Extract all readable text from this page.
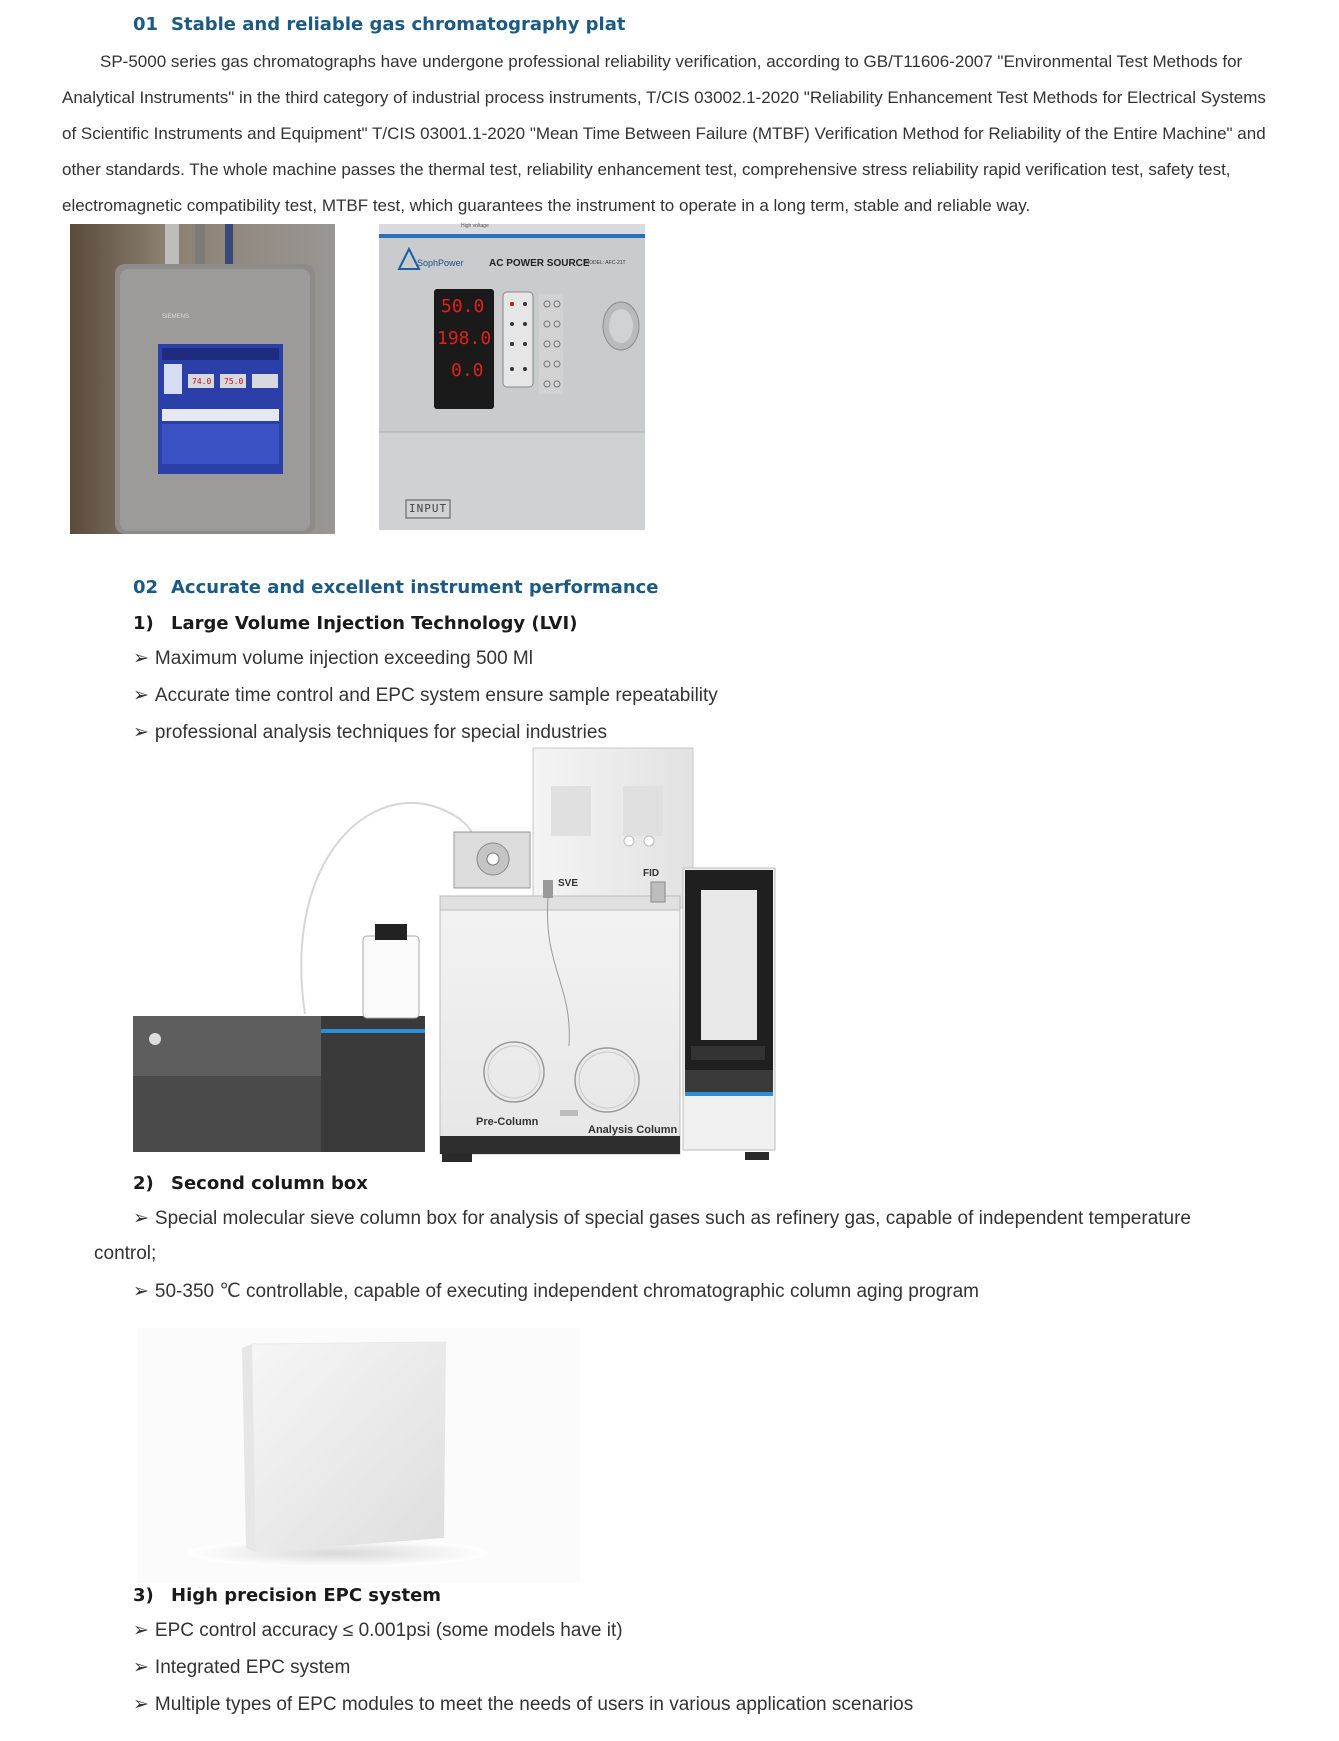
01 Stable and reliable gas chromatography plat
SP-5000 series gas chromatographs have undergone professional reliability verification, according to GB/T11606-2007 "Environmental Test Methods for
Analytical Instruments" in the third category of industrial process instruments, T/CIS 03002.1-2020 "Reliability Enhancement Test Methods for Electrical Systems
of Scientific Instruments and Equipment" T/CIS 03001.1-2020 "Mean Time Between Failure (MTBF) Verification Method for Reliability of the Entire Machine" and
other standards. The whole machine passes the thermal test, reliability enhancement test, comprehensive stress reliability rapid verification test, safety test,
electromagnetic compatibility test, MTBF test, which guarantees the instrument to operate in a long term, stable and reliable way.
SIEMENS
74.0 75.0
High voltage
SophPower	AC POWER SOURCE
MODEL: AFC-21T
50.0
198.0
0.0
INPUT
02 Accurate and excellent instrument performance
1) Large Volume Injection Technology (LVI)
➢ Maximum volume injection exceeding 500 Ml
➢ Accurate time control and EPC system ensure sample repeatability
➢ professional analysis techniques for special industries
SVE
FID
Pre-Column
Analysis Column
2) Second column box
➢ Special molecular sieve column box for analysis of special gases such as refinery gas, capable of independent temperature
control;
➢ 50-350 ℃ controllable, capable of executing independent chromatographic column aging program
3) High precision EPC system
➢ EPC control accuracy ≤ 0.001psi (some models have it)
➢ Integrated EPC system
➢ Multiple types of EPC modules to meet the needs of users in various application scenarios
